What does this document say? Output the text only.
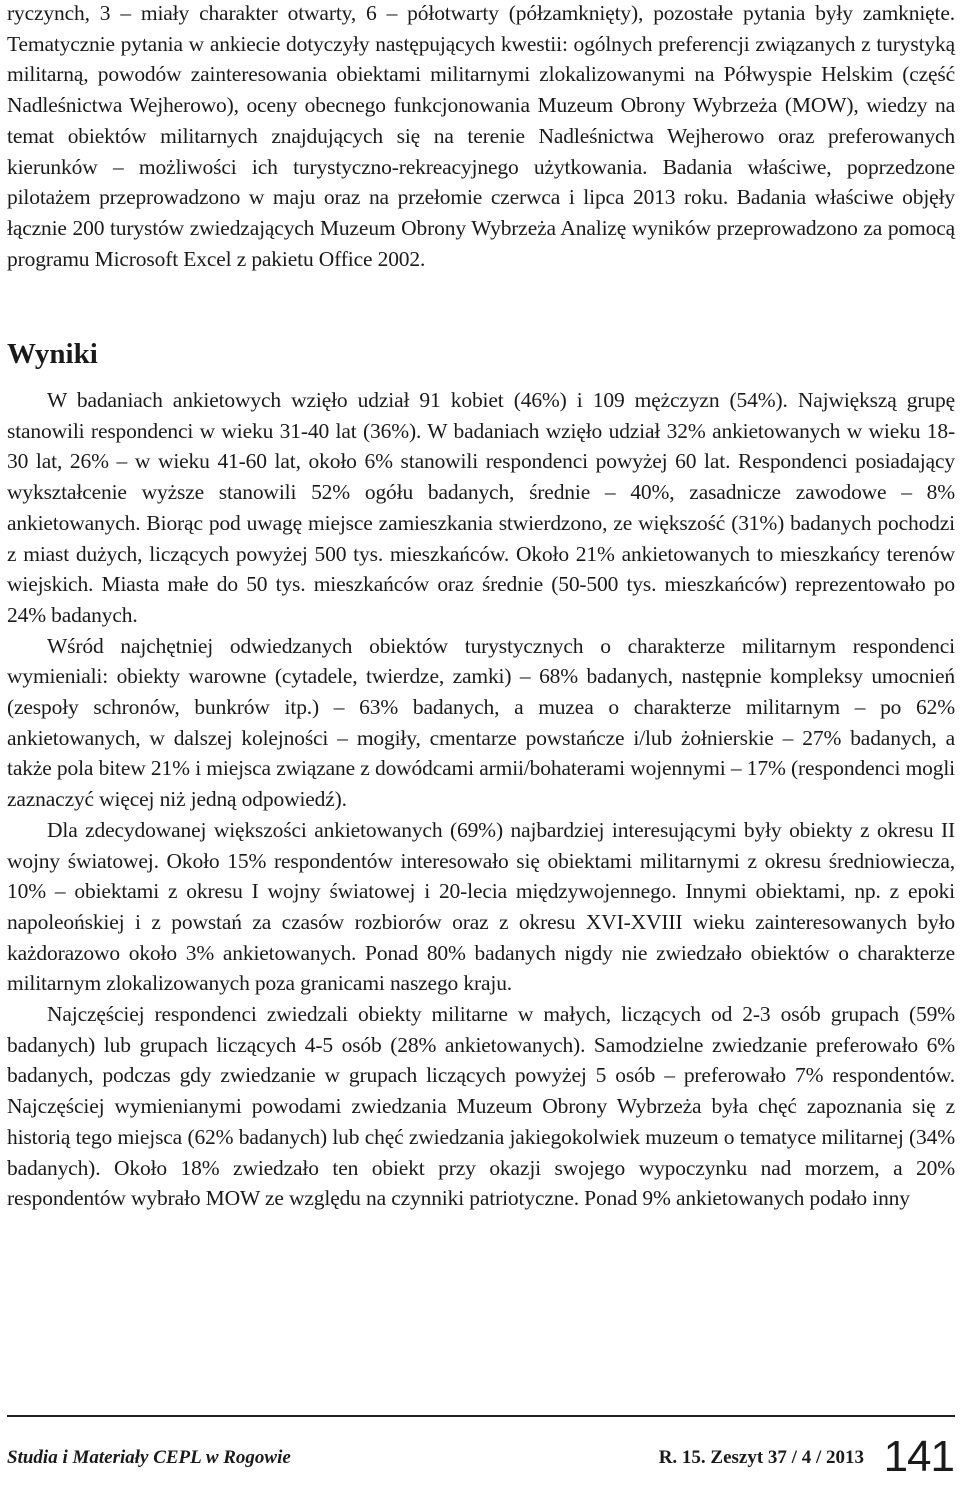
ryczynch, 3 – miały charakter otwarty, 6 – półotwarty (półzamknięty), pozostałe pytania były zamknięte. Tematycznie pytania w ankiecie dotyczyły następujących kwestii: ogólnych preferencji związanych z turystyką militarną, powodów zainteresowania obiektami militarnymi zlokalizowanymi na Półwyspie Helskim (część Nadleśnictwa Wejherowo), oceny obecnego funkcjonowania Muzeum Obrony Wybrzeża (MOW), wiedzy na temat obiektów militarnych znajdujących się na terenie Nadleśnictwa Wejherowo oraz preferowanych kierunków – możliwości ich turystyczno-rekreacyjnego użytkowania. Badania właściwe, poprzedzone pilotażem przeprowadzono w maju oraz na przełomie czerwca i lipca 2013 roku. Badania właściwe objęły łącznie 200 turystów zwiedzających Muzeum Obrony Wybrzeża Analizę wyników przeprowadzono za pomocą programu Microsoft Excel z pakietu Office 2002.

Wyniki

W badaniach ankietowych wzięło udział 91 kobiet (46%) i 109 mężczyzn (54%). Największą grupę stanowili respondenci w wieku 31-40 lat (36%). W badaniach wzięło udział 32% ankietowanych w wieku 18-30 lat, 26% – w wieku 41-60 lat, około 6% stanowili respondenci powyżej 60 lat. Respondenci posiadający wykształcenie wyższe stanowili 52% ogółu badanych, średnie – 40%, zasadnicze zawodowe – 8% ankietowanych. Biorąc pod uwagę miejsce zamieszkania stwierdzono, ze większość (31%) badanych pochodzi z miast dużych, liczących powyżej 500 tys. mieszkańców. Około 21% ankietowanych to mieszkańcy terenów wiejskich. Miasta małe do 50 tys. mieszkańców oraz średnie (50-500 tys. mieszkańców) reprezentowało po 24% badanych.

Wśród najchętniej odwiedzanych obiektów turystycznych o charakterze militarnym respondenci wymieniali: obiekty warowne (cytadele, twierdze, zamki) – 68% badanych, następnie kompleksy umocnień (zespoły schronów, bunkrów itp.) – 63% badanych, a muzea o charakterze militarnym – po 62% ankietowanych, w dalszej kolejności – mogiły, cmentarze powstańcze i/lub żołnierskie – 27% badanych, a także pola bitew 21% i miejsca związane z dowódcami armii/bohaterami wojennymi – 17% (respondenci mogli zaznaczyć więcej niż jedną odpowiedź).

Dla zdecydowanej większości ankietowanych (69%) najbardziej interesującymi były obiekty z okresu II wojny światowej. Około 15% respondentów interesowało się obiektami militarnymi z okresu średniowiecza, 10% – obiektami z okresu I wojny światowej i 20-lecia międzywojennego. Innymi obiektami, np. z epoki napoleońskiej i z powstań za czasów rozbiorów oraz z okresu XVI-XVIII wieku zainteresowanych było każdorazowo około 3% ankietowanych. Ponad 80% badanych nigdy nie zwiedzało obiektów o charakterze militarnym zlokalizowanych poza granicami naszego kraju.

Najczęściej respondenci zwiedzali obiekty militarne w małych, liczących od 2-3 osób grupach (59% badanych) lub grupach liczących 4-5 osób (28% ankietowanych). Samodzielne zwiedzanie preferowało 6% badanych, podczas gdy zwiedzanie w grupach liczących powyżej 5 osób – preferowało 7% respondentów. Najczęściej wymienianymi powodami zwiedzania Muzeum Obrony Wybrzeża była chęć zapoznania się z historią tego miejsca (62% badanych) lub chęć zwiedzania jakiegokolwiek muzeum o tematyce militarnej (34% badanych). Około 18% zwiedzało ten obiekt przy okazji swojego wypoczynku nad morzem, a 20% respondentów wybrało MOW ze względu na czynniki patriotyczne. Ponad 9% ankietowanych podało inny

Studia i Materiały CEPL w Rogowie	R. 15. Zeszyt 37 / 4 / 2013 141
